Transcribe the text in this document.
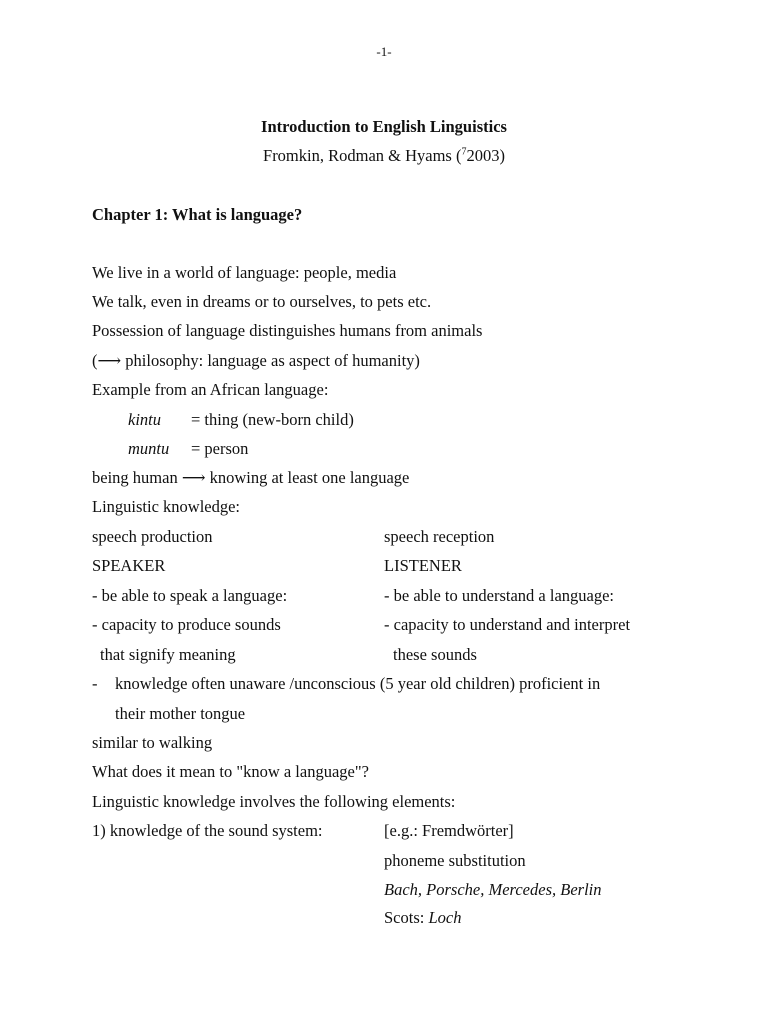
-1-
Introduction to English Linguistics
Fromkin, Rodman & Hyams ($^7$2003)
Chapter 1: What is language?
We live in a world of language: people, media
We talk, even in dreams or to ourselves, to pets etc.
Possession of language distinguishes humans from animals
(⟶ philosophy: language as aspect of humanity)
Example from an African language:
kintu = thing (new-born child)
muntu = person
being human ⟶ knowing at least one language
Linguistic knowledge:
speech production	speech reception
SPEAKER	LISTENER
- be able to speak a language:	- be able to understand a language:
- capacity to produce sounds	- capacity to understand and interpret
that signify meaning	these sounds
- knowledge often unaware /unconscious (5 year old children) proficient in
their mother tongue
similar to walking
What does it mean to "know a language"?
Linguistic knowledge involves the following elements:
1) knowledge of the sound system:	[e.g.: Fremdwörter]
phoneme substitution
Bach, Porsche, Mercedes, Berlin
Scots: Loch
